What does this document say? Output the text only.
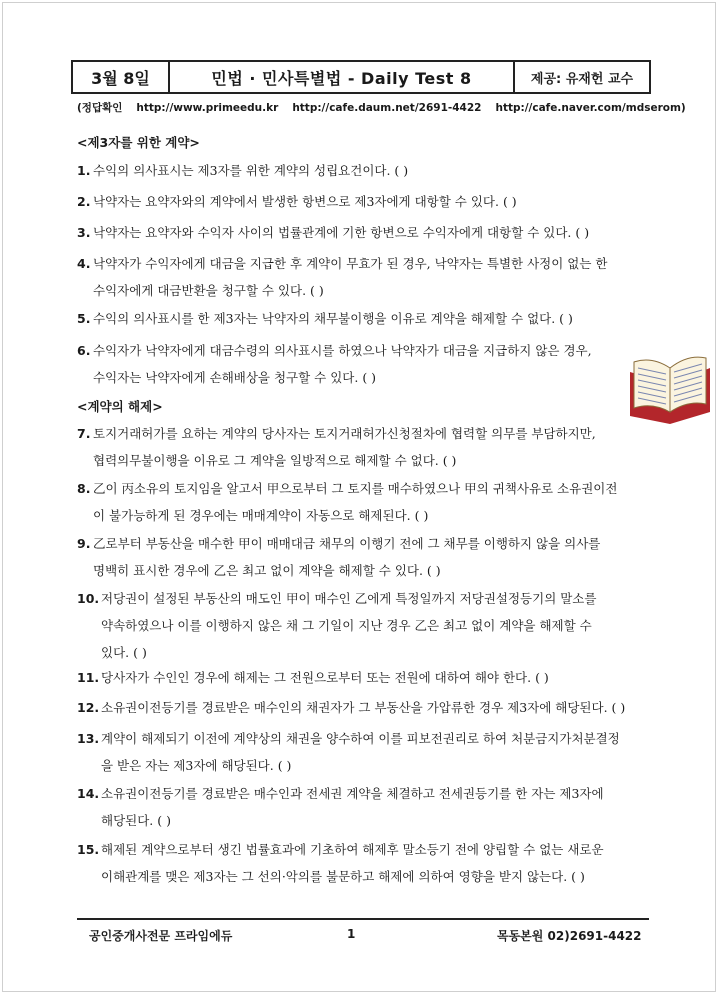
3월 8일	민법 · 민사특별법 - Daily Test 8	제공: 유재헌 교수
(정답확인 http://www.primeedu.kr http://cafe.daum.net/2691-4422 http://cafe.naver.com/mdserom)
<제3자를 위한 계약>
1. 수익의 의사표시는 제3자를 위한 계약의 성립요건이다. ( )
2. 낙약자는 요약자와의 계약에서 발생한 항변으로 제3자에게 대항할 수 있다. ( )
3. 낙약자는 요약자와 수익자 사이의 법률관계에 기한 항변으로 수익자에게 대항할 수 있다. ( )
4. 낙약자가 수익자에게 대금을 지급한 후 계약이 무효가 된 경우, 낙약자는 특별한 사정이 없는 한
수익자에게 대금반환을 청구할 수 있다. ( )
5. 수익의 의사표시를 한 제3자는 낙약자의 채무불이행을 이유로 계약을 해제할 수 없다. ( )
6. 수익자가 낙약자에게 대금수령의 의사표시를 하였으나 낙약자가 대금을 지급하지 않은 경우,
수익자는 낙약자에게 손해배상을 청구할 수 있다. ( )
<계약의 해제>
7. 토지거래허가를 요하는 계약의 당사자는 토지거래허가신청절차에 협력할 의무를 부담하지만,
협력의무불이행을 이유로 그 계약을 일방적으로 해제할 수 없다. ( )
8. 乙이 丙소유의 토지임을 알고서 甲으로부터 그 토지를 매수하였으나 甲의 귀책사유로 소유권이전
이 불가능하게 된 경우에는 매매계약이 자동으로 해제된다. ( )
9. 乙로부터 부동산을 매수한 甲이 매매대금 채무의 이행기 전에 그 채무를 이행하지 않을 의사를
명백히 표시한 경우에 乙은 최고 없이 계약을 해제할 수 있다. ( )
10. 저당권이 설정된 부동산의 매도인 甲이 매수인 乙에게 특정일까지 저당권설정등기의 말소를
약속하였으나 이를 이행하지 않은 채 그 기일이 지난 경우 乙은 최고 없이 계약을 해제할 수
있다. ( )
11. 당사자가 수인인 경우에 해제는 그 전원으로부터 또는 전원에 대하여 해야 한다. ( )
12. 소유권이전등기를 경료받은 매수인의 채권자가 그 부동산을 가압류한 경우 제3자에 해당된다. ( )
13. 계약이 해제되기 이전에 계약상의 채권을 양수하여 이를 피보전권리로 하여 처분금지가처분결정
을 받은 자는 제3자에 해당된다. ( )
14. 소유권이전등기를 경료받은 매수인과 전세권 계약을 체결하고 전세권등기를 한 자는 제3자에
해당된다. ( )
15. 해제된 계약으로부터 생긴 법률효과에 기초하여 해제후 말소등기 전에 양립할 수 없는 새로운
이해관계를 맺은 제3자는 그 선의·악의를 불문하고 해제에 의하여 영향을 받지 않는다. ( )
공인중개사전문 프라임에듀	1	목동본원 02)2691-4422
